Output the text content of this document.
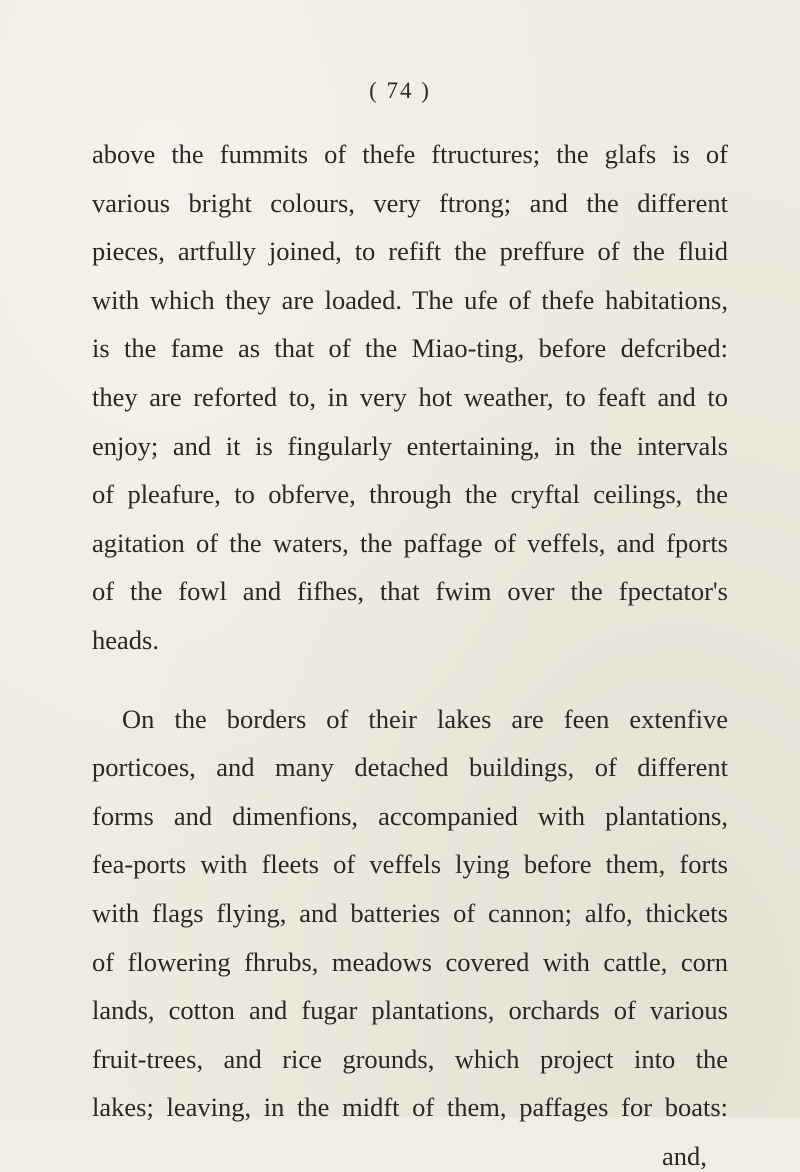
( 74 )
above the fummits of thefe ftructures; the glafs is of
various bright colours, very ftrong; and the different
pieces, artfully joined, to refift the preffure of the fluid
with which they are loaded. The ufe of thefe habitations,
is the fame as that of the Miao-ting, before defcribed:
they are reforted to, in very hot weather, to feaft and to
enjoy; and it is fingularly entertaining, in the intervals
of pleafure, to obferve, through the cryftal ceilings, the
agitation of the waters, the paffage of veffels, and fports
of the fowl and fifhes, that fwim over the fpectator's
heads.
On the borders of their lakes are feen extenfive
porticoes, and many detached buildings, of different
forms and dimenfions, accompanied with plantations,
fea-ports with fleets of veffels lying before them, forts
with flags flying, and batteries of cannon; alfo, thickets
of flowering fhrubs, meadows covered with cattle, corn
lands, cotton and fugar plantations, orchards of various
fruit-trees, and rice grounds, which project into the
lakes; leaving, in the midft of them, paffages for boats:
and,
